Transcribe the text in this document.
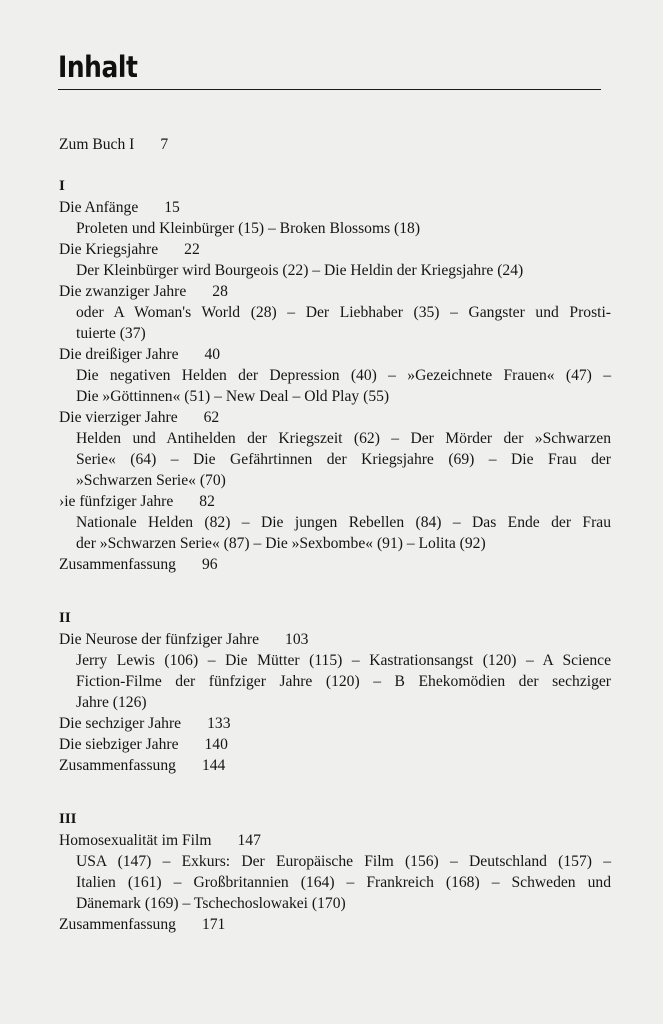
Inhalt
Zum Buch I 7
I
Die Anfänge 15
Proleten und Kleinbürger (15) – Broken Blossoms (18)
Die Kriegsjahre 22
Der Kleinbürger wird Bourgeois (22) – Die Heldin der Kriegsjahre (24)
Die zwanziger Jahre 28
oder A Woman's World (28) – Der Liebhaber (35) – Gangster und Prosti-
tuierte (37)
Die dreißiger Jahre 40
Die negativen Helden der Depression (40) – »Gezeichnete Frauen« (47) –
Die »Göttinnen« (51) – New Deal – Old Play (55)
Die vierziger Jahre 62
Helden und Antihelden der Kriegszeit (62) – Der Mörder der »Schwarzen
Serie« (64) – Die Gefährtinnen der Kriegsjahre (69) – Die Frau der
»Schwarzen Serie« (70)
›ie fünfziger Jahre 82
Nationale Helden (82) – Die jungen Rebellen (84) – Das Ende der Frau
der »Schwarzen Serie« (87) – Die »Sexbombe« (91) – Lolita (92)
Zusammenfassung 96
II
Die Neurose der fünfziger Jahre 103
Jerry Lewis (106) – Die Mütter (115) – Kastrationsangst (120) – A Science
Fiction-Filme der fünfziger Jahre (120) – B Ehekomödien der sechziger
Jahre (126)
Die sechziger Jahre 133
Die siebziger Jahre 140
Zusammenfassung 144
III
Homosexualität im Film 147
USA (147) – Exkurs: Der Europäische Film (156) – Deutschland (157) –
Italien (161) – Großbritannien (164) – Frankreich (168) – Schweden und
Dänemark (169) – Tschechoslowakei (170)
Zusammenfassung 171
